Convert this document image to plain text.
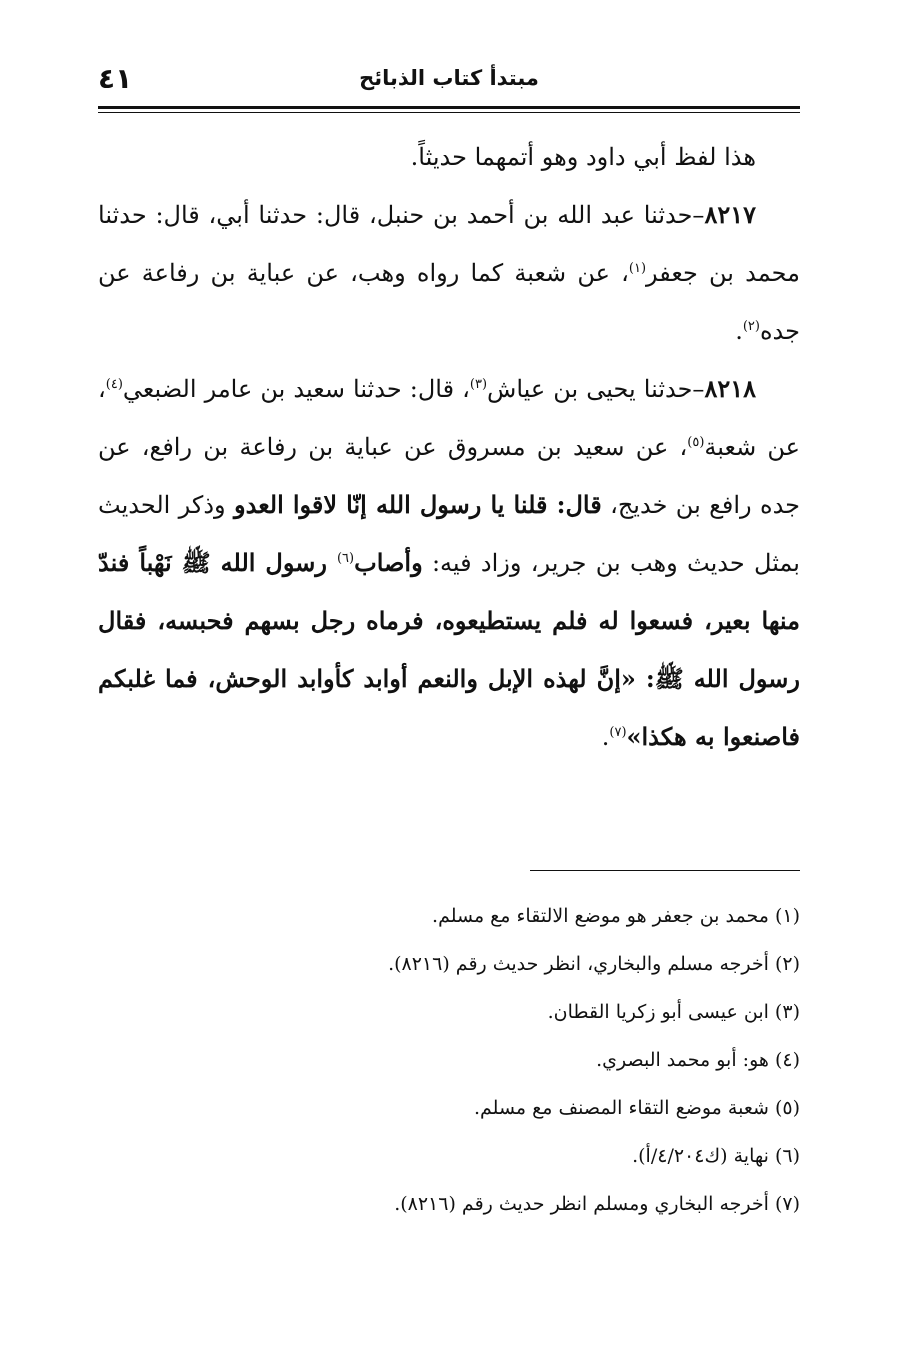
مبتدأ كتاب الذبائح
٤١

هذا لفظ أبي داود وهو أتمهما حديثاً.

٨٢١٧–حدثنا عبد الله بن أحمد بن حنبل، قال: حدثنا أبي، قال: حدثنا محمد بن جعفر$^{(١)}$، عن شعبة كما رواه وهب، عن عباية بن رفاعة عن جده$^{(٢)}$.

٨٢١٨–حدثنا يحيى بن عياش$^{(٣)}$، قال: حدثنا سعيد بن عامر الضبعي$^{(٤)}$، عن شعبة$^{(٥)}$، عن سعيد بن مسروق عن عباية بن رفاعة بن رافع، عن جده رافع بن خديج، قال: قلنا يا رسول الله إنّا لاقوا العدو وذكر الحديث بمثل حديث وهب بن جرير، وزاد فيه: وأصاب$^{(٦)}$ رسول الله ﷺ نَهْباً فندّ منها بعير، فسعوا له فلم يستطيعوه، فرماه رجل بسهم فحبسه، فقال رسول الله ﷺ: «إنَّ لهذه الإبل والنعم أوابد كأوابد الوحش، فما غلبكم فاصنعوا به هكذا»$^{(٧)}$.

(١) محمد بن جعفر هو موضع الالتقاء مع مسلم.

(٢) أخرجه مسلم والبخاري، انظر حديث رقم (٨٢١٦).

(٣) ابن عيسى أبو زكريا القطان.

(٤) هو: أبو محمد البصري.

(٥) شعبة موضع التقاء المصنف مع مسلم.

(٦) نهاية (ك٤/٢٠٤/أ).

(٧) أخرجه البخاري ومسلم انظر حديث رقم (٨٢١٦).
